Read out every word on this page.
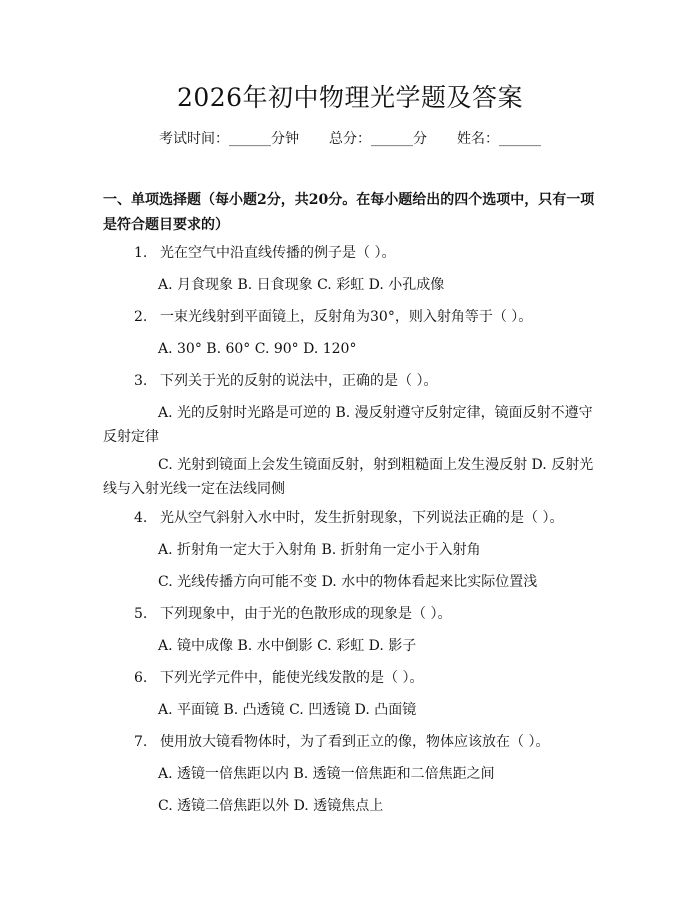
2026年初中物理光学题及答案
考试时间：______分钟 总分：______分 姓名：______
一、单项选择题（每小题2分，共20分。在每小题给出的四个选项中，只有一项是符合题目要求的）
1. 光在空气中沿直线传播的例子是（ ）。
A. 月食现象 B. 日食现象 C. 彩虹 D. 小孔成像
2. 一束光线射到平面镜上，反射角为30°，则入射角等于（ ）。
A. 30° B. 60° C. 90° D. 120°
3. 下列关于光的反射的说法中，正确的是（ ）。
A. 光的反射时光路是可逆的 B. 漫反射遵守反射定律，镜面反射不遵守反射定律
C. 光射到镜面上会发生镜面反射，射到粗糙面上发生漫反射 D. 反射光线与入射光线一定在法线同侧
4. 光从空气斜射入水中时，发生折射现象，下列说法正确的是（ ）。
A. 折射角一定大于入射角 B. 折射角一定小于入射角
C. 光线传播方向可能不变 D. 水中的物体看起来比实际位置浅
5. 下列现象中，由于光的色散形成的现象是（ ）。
A. 镜中成像 B. 水中倒影 C. 彩虹 D. 影子
6. 下列光学元件中，能使光线发散的是（ ）。
A. 平面镜 B. 凸透镜 C. 凹透镜 D. 凸面镜
7. 使用放大镜看物体时，为了看到正立的像，物体应该放在（ ）。
A. 透镜一倍焦距以内 B. 透镜一倍焦距和二倍焦距之间
C. 透镜二倍焦距以外 D. 透镜焦点上
